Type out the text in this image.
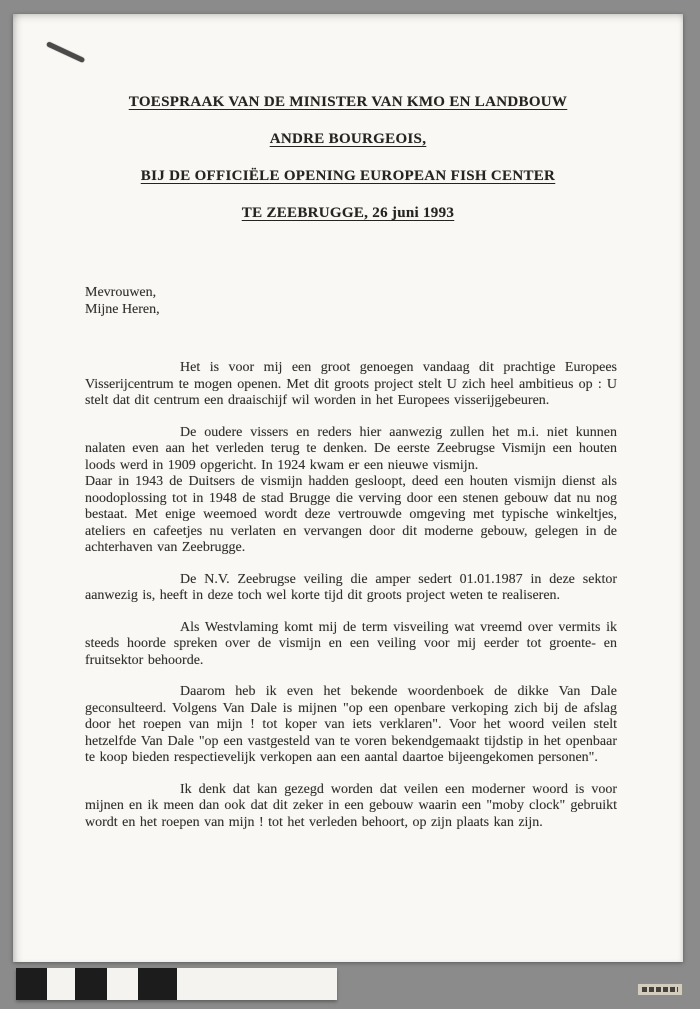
TOESPRAAK VAN DE MINISTER VAN KMO EN LANDBOUW
ANDRE BOURGEOIS,
BIJ DE OFFICIËLE OPENING EUROPEAN FISH CENTER
TE ZEEBRUGGE, 26 juni 1993
Mevrouwen,
Mijne Heren,

Het is voor mij een groot genoegen vandaag dit prachtige Europees Visserijcentrum te mogen openen. Met dit groots project stelt U zich heel ambitieus op : U stelt dat dit centrum een draaischijf wil worden in het Europees visserijgebeuren.

De oudere vissers en reders hier aanwezig zullen het m.i. niet kunnen nalaten even aan het verleden terug te denken. De eerste Zeebrugse Vismijn een houten loods werd in 1909 opgericht. In 1924 kwam er een nieuwe vismijn.

Daar in 1943 de Duitsers de vismijn hadden gesloopt, deed een houten vismijn dienst als noodoplossing tot in 1948 de stad Brugge die verving door een stenen gebouw dat nu nog bestaat. Met enige weemoed wordt deze vertrouwde omgeving met typische winkeltjes, ateliers en cafeetjes nu verlaten en vervangen door dit moderne gebouw, gelegen in de achterhaven van Zeebrugge.

De N.V. Zeebrugse veiling die amper sedert 01.01.1987 in deze sektor aanwezig is, heeft in deze toch wel korte tijd dit groots project weten te realiseren.

Als Westvlaming komt mij de term visveiling wat vreemd over vermits ik steeds hoorde spreken over de vismijn en een veiling voor mij eerder tot groente- en fruitsektor behoorde.

Daarom heb ik even het bekende woordenboek de dikke Van Dale geconsulteerd. Volgens Van Dale is mijnen "op een openbare verkoping zich bij de afslag door het roepen van mijn ! tot koper van iets verklaren". Voor het woord veilen stelt hetzelfde Van Dale "op een vastgesteld van te voren bekendgemaakt tijdstip in het openbaar te koop bieden respectievelijk verkopen aan een aantal daartoe bijeengekomen personen".

Ik denk dat kan gezegd worden dat veilen een moderner woord is voor mijnen en ik meen dan ook dat dit zeker in een gebouw waarin een "moby clock" gebruikt wordt en het roepen van mijn ! tot het verleden behoort, op zijn plaats kan zijn.
